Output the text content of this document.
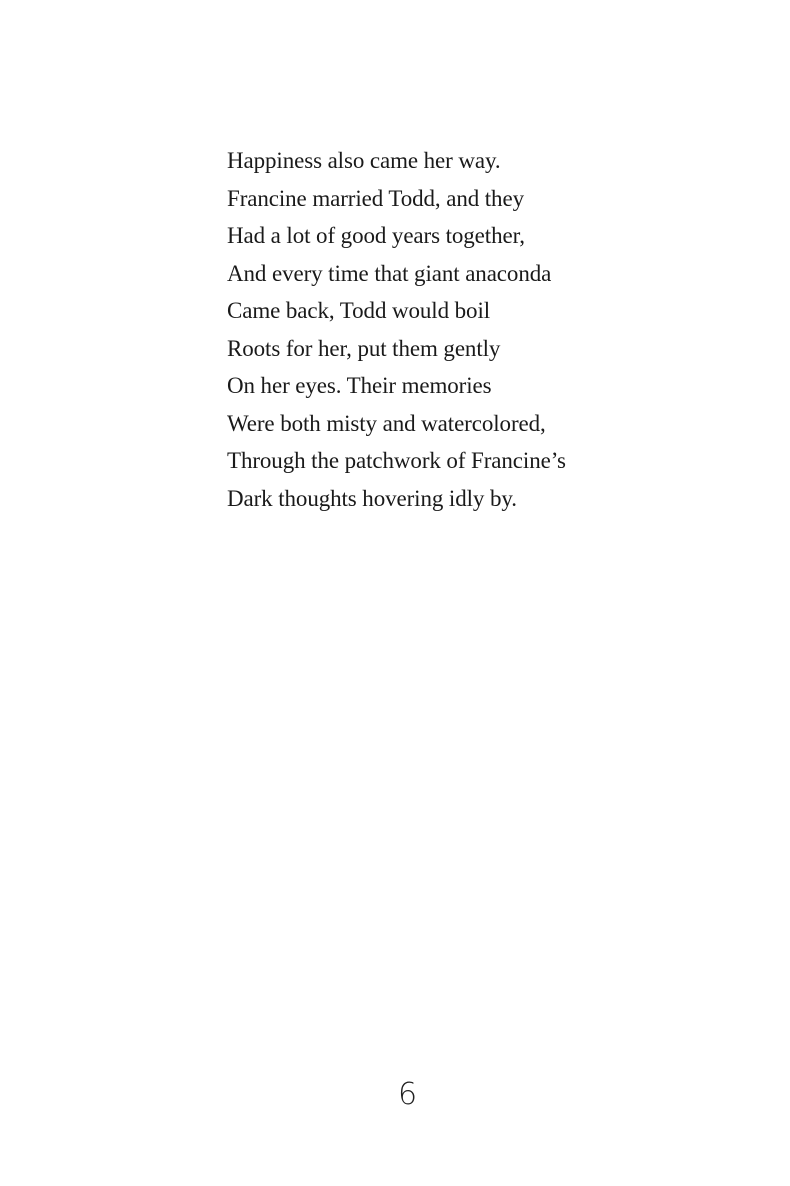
Happiness also came her way.
Francine married Todd, and they
Had a lot of good years together,
And every time that giant anaconda
Came back, Todd would boil
Roots for her, put them gently
On her eyes. Their memories
Were both misty and watercolored,
Through the patchwork of Francine’s
Dark thoughts hovering idly by.
6
